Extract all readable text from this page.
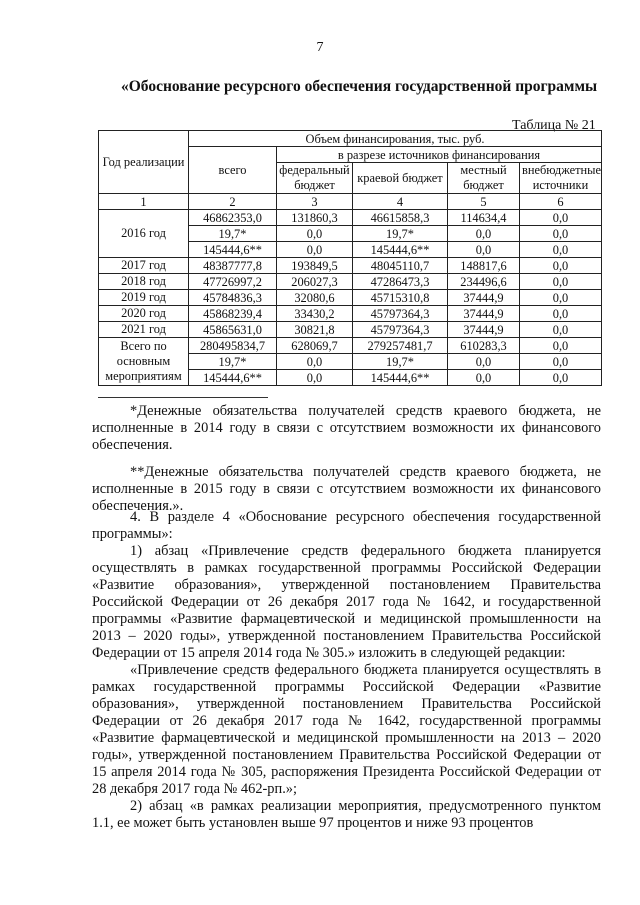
7
«Обоснование ресурсного обеспечения государственной программы
Таблица № 21
Год реализации	Объем финансирования, тыс. руб.				
	всего	в разрезе источников финансирования			
		федеральный бюджет	краевой бюджет	местный бюджет	внебюджетные источники
1	2	3	4	5	6
2016 год	46862353,0	131860,3	46615858,3	114634,4	0,0
	19,7*	0,0	19,7*	0,0	0,0
	145444,6**	0,0	145444,6**	0,0	0,0
2017 год	48387777,8	193849,5	48045110,7	148817,6	0,0
2018 год	47726997,2	206027,3	47286473,3	234496,6	0,0
2019 год	45784836,3	32080,6	45715310,8	37444,9	0,0
2020 год	45868239,4	33430,2	45797364,3	37444,9	0,0
2021 год	45865631,0	30821,8	45797364,3	37444,9	0,0
Всего по основным мероприятиям	280495834,7	628069,7	279257481,7	610283,3	0,0
	19,7*	0,0	19,7*	0,0	0,0
	145444,6**	0,0	145444,6**	0,0	0,0

*Денежные обязательства получателей средств краевого бюджета, не исполненные в 2014 году в связи с отсутствием возможности их финансового обеспечения.

**Денежные обязательства получателей средств краевого бюджета, не исполненные в 2015 году в связи с отсутствием возможности их финансового обеспечения.».

4. В разделе 4 «Обоснование ресурсного обеспечения государственной программы»:

1) абзац «Привлечение средств федерального бюджета планируется осуществлять в рамках государственной программы Российской Федерации «Развитие образования», утвержденной постановлением Правительства Российской Федерации от 26 декабря 2017 года № 1642, и государственной программы «Развитие фармацевтической и медицинской промышленности на 2013 – 2020 годы», утвержденной постановлением Правительства Российской Федерации от 15 апреля 2014 года № 305.» изложить в следующей редакции:

«Привлечение средств федерального бюджета планируется осуществлять в рамках государственной программы Российской Федерации «Развитие образования», утвержденной постановлением Правительства Российской Федерации от 26 декабря 2017 года № 1642, государственной программы «Развитие фармацевтической и медицинской промышленности на 2013 – 2020 годы», утвержденной постановлением Правительства Российской Федерации от 15 апреля 2014 года № 305, распоряжения Президента Российской Федерации от 28 декабря 2017 года № 462-рп.»;

2) абзац «в рамках реализации мероприятия, предусмотренного пунктом 1.1, ее может быть установлен выше 97 процентов и ниже 93 процентов
